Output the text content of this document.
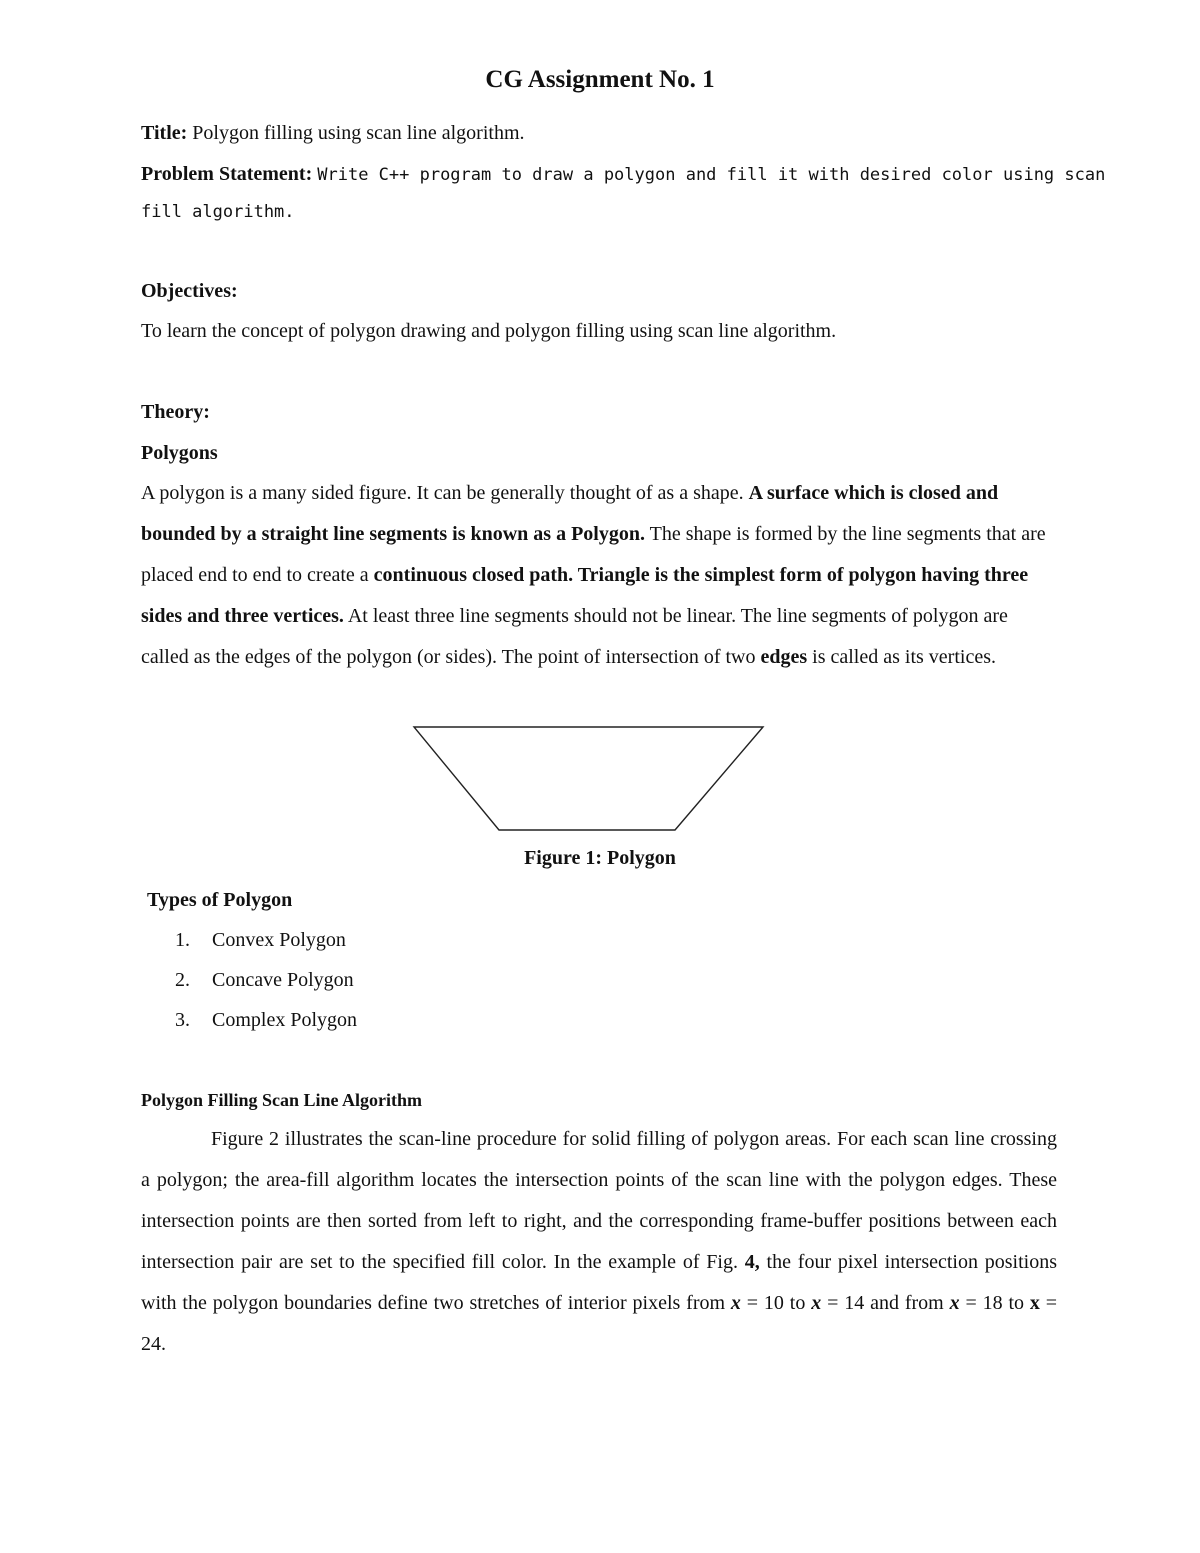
CG Assignment No. 1
Title: Polygon filling using scan line algorithm.
Problem Statement: Write C++ program to draw a polygon and fill it with desired color using scan
fill algorithm.
Objectives:
To learn the concept of polygon drawing and polygon filling using scan line algorithm.
Theory:
Polygons

A polygon is a many sided figure. It can be generally thought of as a shape. A surface which is closed and bounded by a straight line segments is known as a Polygon. The shape is formed by the line segments that are placed end to end to create a continuous closed path. Triangle is the simplest form of polygon having three sides and three vertices. At least three line segments should not be linear. The line segments of polygon are called as the edges of the polygon (or sides). The point of intersection of two edges is called as its vertices.

Figure 1: Polygon
Types of Polygon
1.	Convex Polygon
2.	Concave Polygon
3.	Complex Polygon
Polygon Filling Scan Line Algorithm
Figure 2 illustrates the scan-line procedure for solid filling of polygon areas. For each scan line crossing a polygon; the area-fill algorithm locates the intersection points of the scan line with the polygon edges. These intersection points are then sorted from left to right, and the corresponding frame-buffer positions between each intersection pair are set to the specified fill color. In the example of Fig. 4, the four pixel intersection positions with the polygon boundaries define two stretches of interior pixels from x = 10 to x = 14 and from x = 18 to x = 24.
